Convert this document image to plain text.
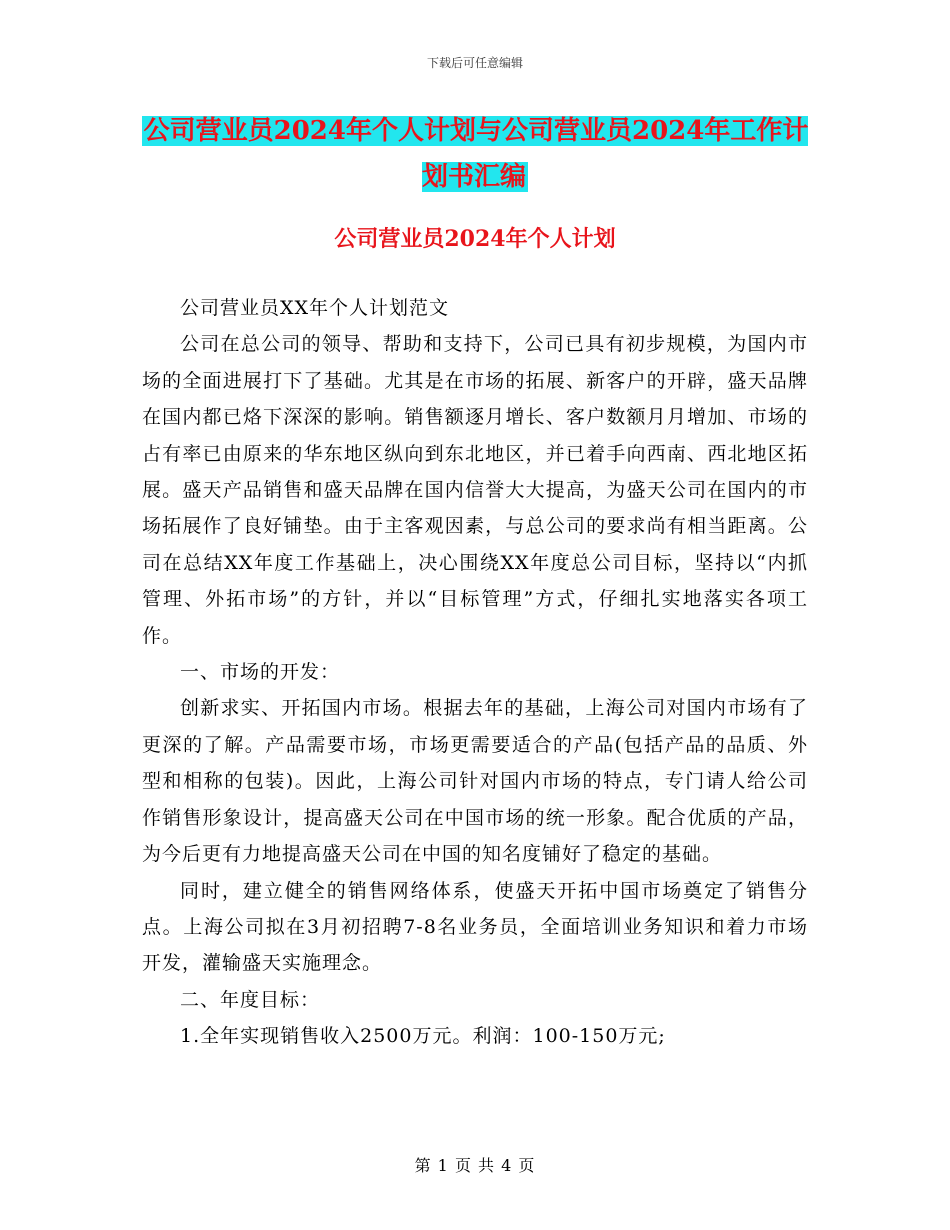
下载后可任意编辑
公司营业员2024年个人计划与公司营业员2024年工作计划书汇编
公司营业员2024年个人计划

公司营业员XX年个人计划范文

公司在总公司的领导、帮助和支持下，公司已具有初步规模，为国内市场的全面进展打下了基础。尤其是在市场的拓展、新客户的开辟，盛天品牌在国内都已烙下深深的影响。销售额逐月增长、客户数额月月增加、市场的占有率已由原来的华东地区纵向到东北地区，并已着手向西南、西北地区拓展。盛天产品销售和盛天品牌在国内信誉大大提高，为盛天公司在国内的市场拓展作了良好铺垫。由于主客观因素，与总公司的要求尚有相当距离。公司在总结XX年度工作基础上，决心围绕XX年度总公司目标，坚持以“内抓管理、外拓市场”的方针，并以“目标管理”方式，仔细扎实地落实各项工作。

一、市场的开发：

创新求实、开拓国内市场。根据去年的基础，上海公司对国内市场有了更深的了解。产品需要市场，市场更需要适合的产品(包括产品的品质、外型和相称的包装)。因此，上海公司针对国内市场的特点，专门请人给公司作销售形象设计，提高盛天公司在中国市场的统一形象。配合优质的产品，为今后更有力地提高盛天公司在中国的知名度铺好了稳定的基础。

同时，建立健全的销售网络体系，使盛天开拓中国市场奠定了销售分点。上海公司拟在3月初招聘7-8名业务员，全面培训业务知识和着力市场开发，灌输盛天实施理念。

二、年度目标：

1.全年实现销售收入2500万元。利润：100-150万元;

第 1 页 共 4 页
